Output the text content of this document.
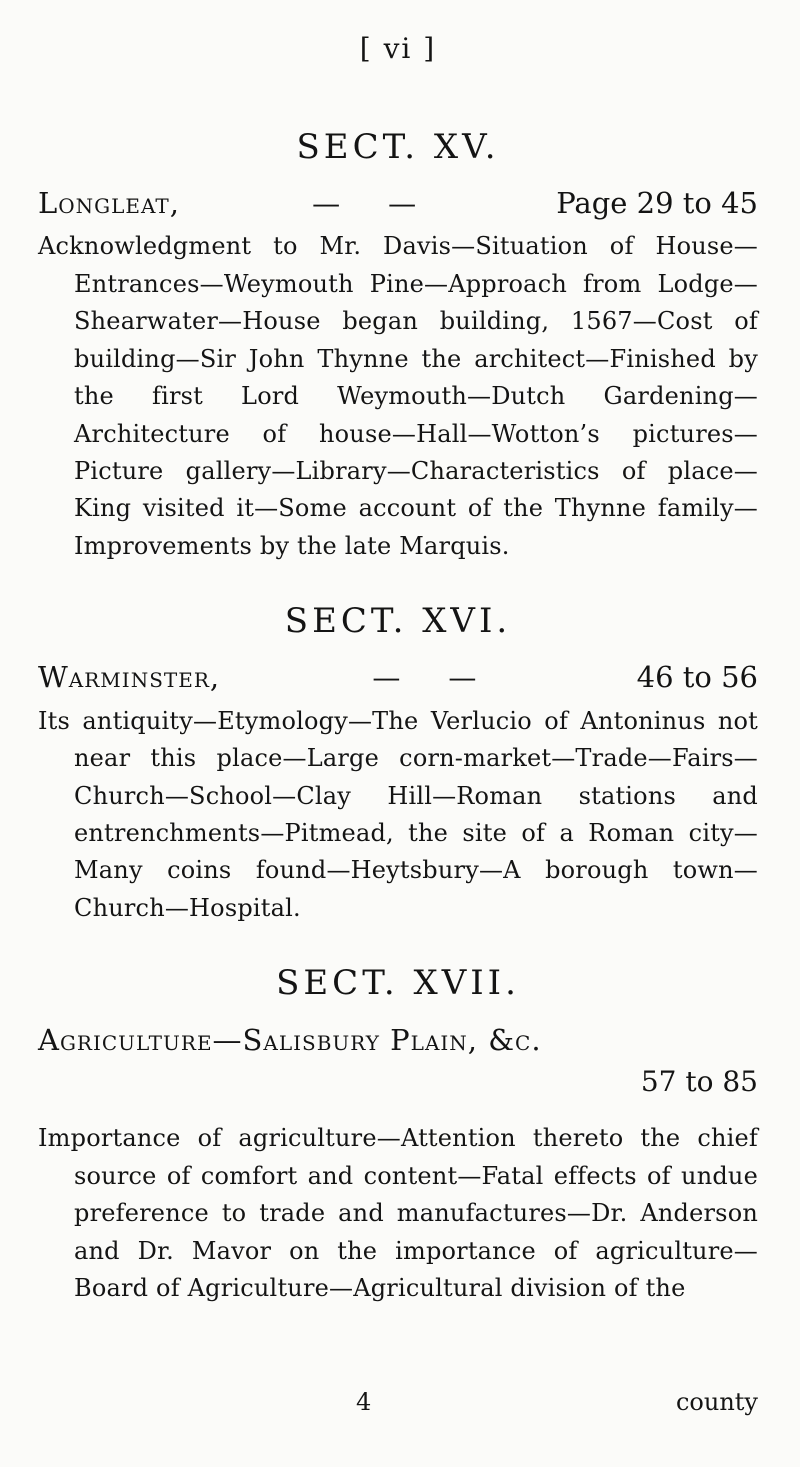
[ vi ]
SECT. XV.
Longleat,	— —	Page 29 to 45

Acknowledgment to Mr. Davis—Situation of House—Entrances—Weymouth Pine—Approach from Lodge—Shearwater—House began building, 1567—Cost of building—Sir John Thynne the architect—Finished by the first Lord Weymouth—Dutch Gardening—Architecture of house—Hall—Wotton’s pictures—Picture gallery—Library—Characteristics of place—King visited it—Some account of the Thynne family—Improvements by the late Marquis.

SECT. XVI.
Warminster,	— —	46 to 56

Its antiquity—Etymology—The Verlucio of Antoninus not near this place—Large corn-market—Trade—Fairs—Church—School—Clay Hill—Roman stations and entrenchments—Pitmead, the site of a Roman city—Many coins found—Heytsbury—A borough town—Church—Hospital.

SECT. XVII.
Agriculture—Salisbury Plain, &c.
57 to 85

Importance of agriculture—Attention thereto the chief source of comfort and content—Fatal effects of undue preference to trade and manufactures—Dr. Anderson and Dr. Mavor on the importance of agriculture—Board of Agriculture—Agricultural division of the

4	county
